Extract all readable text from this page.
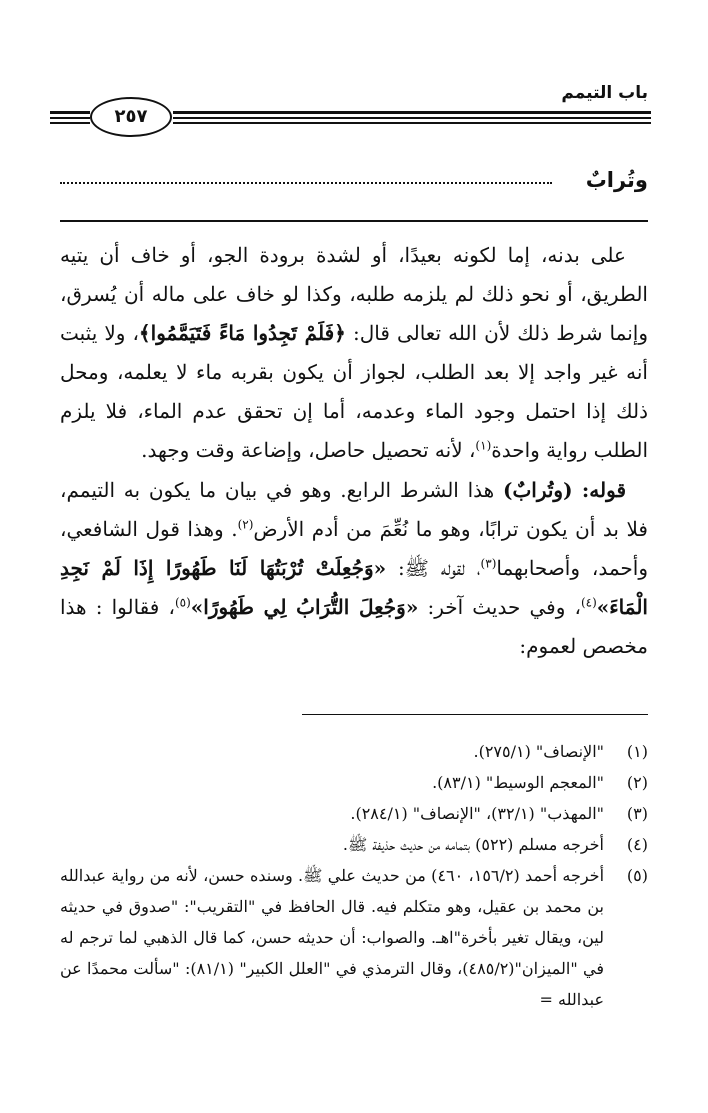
باب التيمم
٢٥٧
وتُرابٌ

على بدنه، إما لكونه بعيدًا، أو لشدة برودة الجو، أو خاف أن يتيه الطريق، أو نحو ذلك لم يلزمه طلبه، وكذا لو خاف على ماله أن يُسرق، وإنما شرط ذلك لأن الله تعالى قال: ﴿فَلَمْ تَجِدُوا مَاءً فَتَيَمَّمُوا﴾، ولا يثبت أنه غير واجد إلا بعد الطلب، لجواز أن يكون بقربه ماء لا يعلمه، ومحل ذلك إذا احتمل وجود الماء وعدمه، أما إن تحقق عدم الماء، فلا يلزم الطلب رواية واحدة$^{(١)}$، لأنه تحصيل حاصل، وإضاعة وقت وجهد.

قوله: (وتُرابٌ) هذا الشرط الرابع. وهو في بيان ما يكون به التيمم، فلا بد أن يكون ترابًا، وهو ما نُعِّمَ من أدم الأرض$^{(٢)}$. وهذا قول الشافعي، وأحمد، وأصحابهما$^{(٣)}$، لقوله ﷺ: «وَجُعِلَتْ تُرْبَتُهَا لَنَا طَهُورًا إِذَا لَمْ نَجِدِ الْمَاءَ»$^{(٤)}$، وفي حديث آخر: «وَجُعِلَ التُّرَابُ لِي طَهُورًا»$^{(٥)}$، فقالوا : هذا مخصص لعموم:

(١)
"الإنصاف" (٢٧٥/١).
(٢)
"المعجم الوسيط" (٨٣/١).
(٣)
"المهذب" (٣٢/١)، "الإنصاف" (٢٨٤/١).
(٤)
أخرجه مسلم (٥٢٢) بتمامه من حديث حذيفة ﷺ.
(٥)
أخرجه أحمد (١٥٦/٢، ٤٦٠) من حديث علي ﷺ. وسنده حسن، لأنه من رواية عبدالله بن محمد بن عقيل، وهو متكلم فيه. قال الحافظ في "التقريب": "صدوق في حديثه لين، ويقال تغير بأخرة"اهـ. والصواب: أن حديثه حسن، كما قال الذهبي لما ترجم له في "الميزان"(٤٨٥/٢)، وقال الترمذي في "العلل الكبير" (٨١/١): "سألت محمدًا عن عبدالله =
